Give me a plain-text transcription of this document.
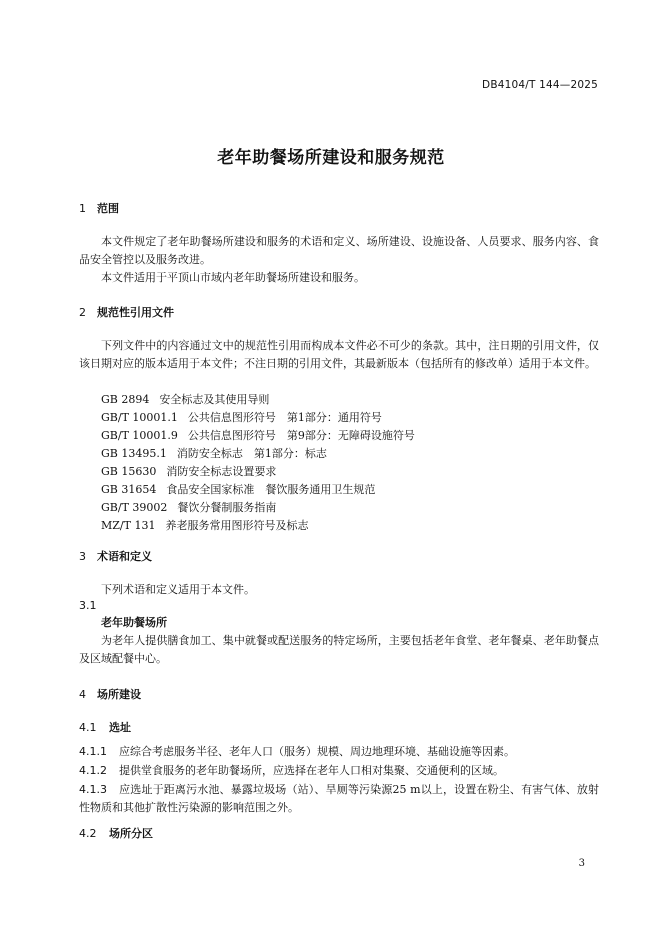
DB4104/T 144—2025
老年助餐场所建设和服务规范
1 范围
本文件规定了老年助餐场所建设和服务的术语和定义、场所建设、设施设备、人员要求、服务内容、食品安全管控以及服务改进。
本文件适用于平顶山市域内老年助餐场所建设和服务。
2 规范性引用文件
下列文件中的内容通过文中的规范性引用而构成本文件必不可少的条款。其中，注日期的引用文件，仅该日期对应的版本适用于本文件；不注日期的引用文件，其最新版本（包括所有的修改单）适用于本文件。
GB 2894 安全标志及其使用导则
GB/T 10001.1 公共信息图形符号　第1部分：通用符号
GB/T 10001.9 公共信息图形符号　第9部分：无障碍设施符号
GB 13495.1 消防安全标志　第1部分：标志
GB 15630 消防安全标志设置要求
GB 31654 食品安全国家标准　餐饮服务通用卫生规范
GB/T 39002 餐饮分餐制服务指南
MZ/T 131 养老服务常用图形符号及标志
3 术语和定义
下列术语和定义适用于本文件。
3.1
老年助餐场所
为老年人提供膳食加工、集中就餐或配送服务的特定场所，主要包括老年食堂、老年餐桌、老年助餐点及区域配餐中心。
4 场所建设
4.1 选址
4.1.1 应综合考虑服务半径、老年人口（服务）规模、周边地理环境、基础设施等因素。
4.1.2 提供堂食服务的老年助餐场所，应选择在老年人口相对集聚、交通便利的区域。
4.1.3 应选址于距离污水池、暴露垃圾场（站）、旱厕等污染源25 m以上，设置在粉尘、有害气体、放射性物质和其他扩散性污染源的影响范围之外。
4.2 场所分区
3
